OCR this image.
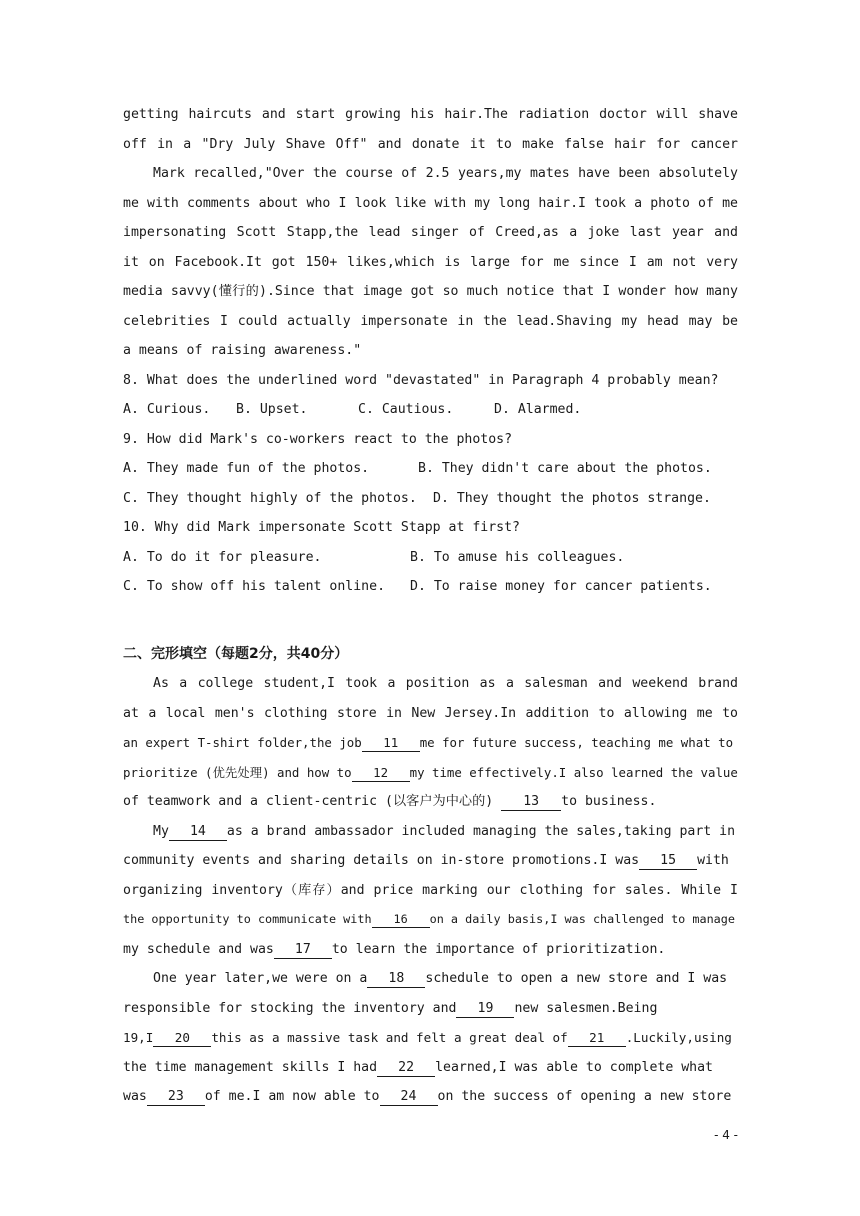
getting haircuts and start growing his hair.The radiation doctor will shave
off in a "Dry July Shave Off" and donate it to make false hair for cancer
Mark recalled,"Over the course of 2.5 years,my mates have been absolutely
me with comments about who I look like with my long hair.I took a photo of me
impersonating Scott Stapp,the lead singer of Creed,as a joke last year and
it on Facebook.It got 150+ likes,which is large for me since I am not very
media savvy(懂行的).Since that image got so much notice that I wonder how many
celebrities I could actually impersonate in the lead.Shaving my head may be
a means of raising awareness."
8. What does the underlined word "devastated" in Paragraph 4 probably mean?
A. Curious. B. Upset.	C. Cautious.	D. Alarmed.
9. How did Mark's co-workers react to the photos?
A. They made fun of the photos.	B. They didn't care about the photos.
C. They thought highly of the photos. D. They thought the photos strange.
10. Why did Mark impersonate Scott Stapp at first?
A. To do it for pleasure.	B. To amuse his colleagues.
C. To show off his talent online. D. To raise money for cancer patients.
二、完形填空（每题2分，共40分）
As a college student,I took a position as a salesman and weekend brand
at a local men's clothing store in New Jersey.In addition to allowing me to
an expert T-shirt folder,the job 11 me for future success, teaching me what to
prioritize (优先处理) and how to 12 my time effectively.I also learned the value
of teamwork and a client-centric (以客户为中心的) 13 to business.
My 14 as a brand ambassador included managing the sales,taking part in
community events and sharing details on in-store promotions.I was 15 with
organizing inventory（库存）and price marking our clothing for sales. While I
the opportunity to communicate with 16 on a daily basis,I was challenged to manage
my schedule and was 17 to learn the importance of prioritization.
One year later,we were on a 18 schedule to open a new store and I was
responsible for stocking the inventory and 19 new salesmen.Being
19,I 20 this as a massive task and felt a great deal of 21 .Luckily,using
the time management skills I had 22 learned,I was able to complete what
was 23 of me.I am now able to 24 on the success of opening a new store
- 4 -
